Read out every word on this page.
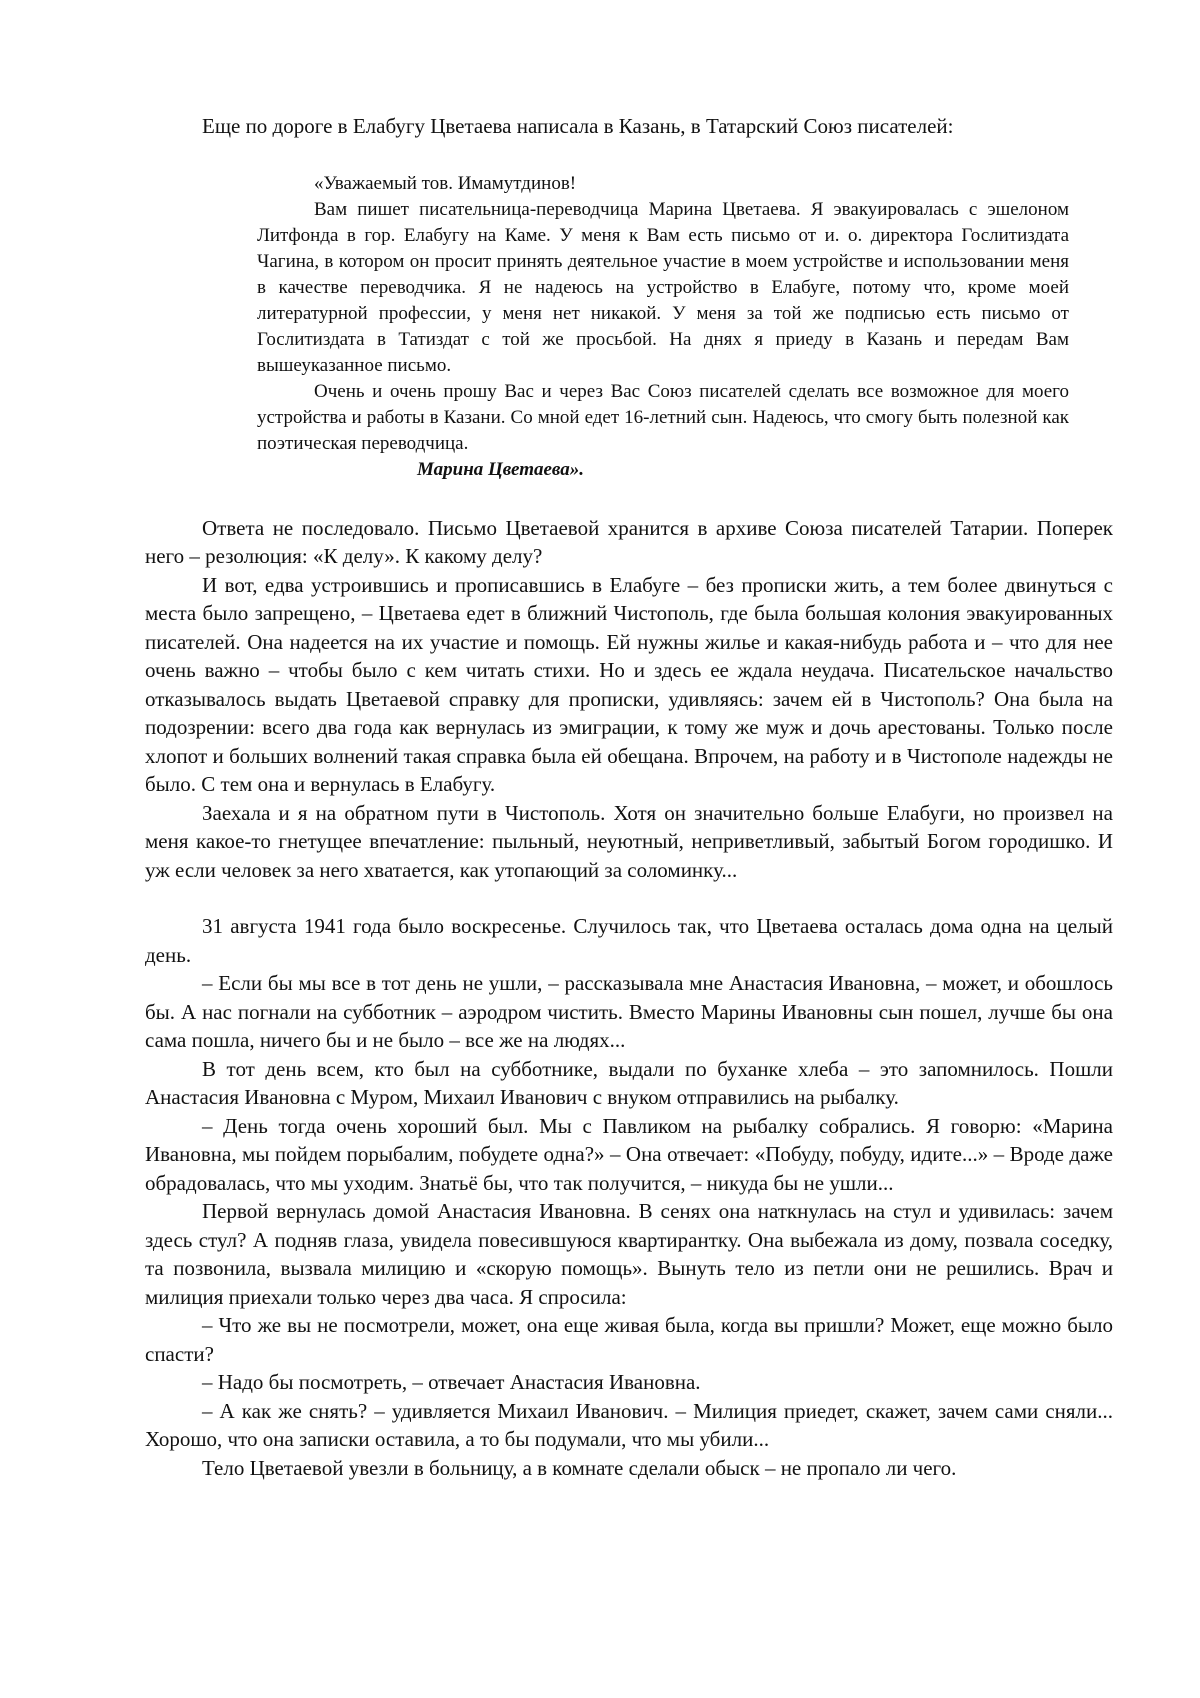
Еще по дороге в Елабугу Цветаева написала в Казань, в Татарский Союз писателей:

«Уважаемый тов. Имамутдинов!

Вам пишет писательница-переводчица Марина Цветаева. Я эвакуировалась с эшелоном Литфонда в гор. Елабугу на Каме. У меня к Вам есть письмо от и. о. директора Гослитиздата Чагина, в котором он просит принять деятельное участие в моем устройстве и использовании меня в качестве переводчика. Я не надеюсь на устройство в Елабуге, потому что, кроме моей литературной профессии, у меня нет никакой. У меня за той же подписью есть письмо от Гослитиздата в Татиздат с той же просьбой. На днях я приеду в Казань и передам Вам вышеуказанное письмо.

Очень и очень прошу Вас и через Вас Союз писателей сделать все возможное для моего устройства и работы в Казани. Со мной едет 16-летний сын. Надеюсь, что смогу быть полезной как поэтическая переводчица.

Марина Цветаева».

Ответа не последовало. Письмо Цветаевой хранится в архиве Союза писателей Татарии. Поперек него – резолюция: «К делу». К какому делу?

И вот, едва устроившись и прописавшись в Елабуге – без прописки жить, а тем более двинуться с места было запрещено, – Цветаева едет в ближний Чистополь, где была большая колония эвакуированных писателей. Она надеется на их участие и помощь. Ей нужны жилье и какая-нибудь работа и – что для нее очень важно – чтобы было с кем читать стихи. Но и здесь ее ждала неудача. Писательское начальство отказывалось выдать Цветаевой справку для прописки, удивляясь: зачем ей в Чистополь? Она была на подозрении: всего два года как вернулась из эмиграции, к тому же муж и дочь арестованы. Только после хлопот и больших волнений такая справка была ей обещана. Впрочем, на работу и в Чистополе надежды не было. С тем она и вернулась в Елабугу.

Заехала и я на обратном пути в Чистополь. Хотя он значительно больше Елабуги, но произвел на меня какое-то гнетущее впечатление: пыльный, неуютный, неприветливый, забытый Богом городишко. И уж если человек за него хватается, как утопающий за соломинку...

31 августа 1941 года было воскресенье. Случилось так, что Цветаева осталась дома одна на целый день.

– Если бы мы все в тот день не ушли, – рассказывала мне Анастасия Ивановна, – может, и обошлось бы. А нас погнали на субботник – аэродром чистить. Вместо Марины Ивановны сын пошел, лучше бы она сама пошла, ничего бы и не было – все же на людях...

В тот день всем, кто был на субботнике, выдали по буханке хлеба – это запомнилось. Пошли Анастасия Ивановна с Муром, Михаил Иванович с внуком отправились на рыбалку.

– День тогда очень хороший был. Мы с Павликом на рыбалку собрались. Я говорю: «Марина Ивановна, мы пойдем порыбалим, побудете одна?» – Она отвечает: «Побуду, побуду, идите...» – Вроде даже обрадовалась, что мы уходим. Знатьё бы, что так получится, – никуда бы не ушли...

Первой вернулась домой Анастасия Ивановна. В сенях она наткнулась на стул и удивилась: зачем здесь стул? А подняв глаза, увидела повесившуюся квартирантку. Она выбежала из дому, позвала соседку, та позвонила, вызвала милицию и «скорую помощь». Вынуть тело из петли они не решились. Врач и милиция приехали только через два часа. Я спросила:

– Что же вы не посмотрели, может, она еще живая была, когда вы пришли? Может, еще можно было спасти?

– Надо бы посмотреть, – отвечает Анастасия Ивановна.

– А как же снять? – удивляется Михаил Иванович. – Милиция приедет, скажет, зачем сами сняли... Хорошо, что она записки оставила, а то бы подумали, что мы убили...

Тело Цветаевой увезли в больницу, а в комнате сделали обыск – не пропало ли чего.
